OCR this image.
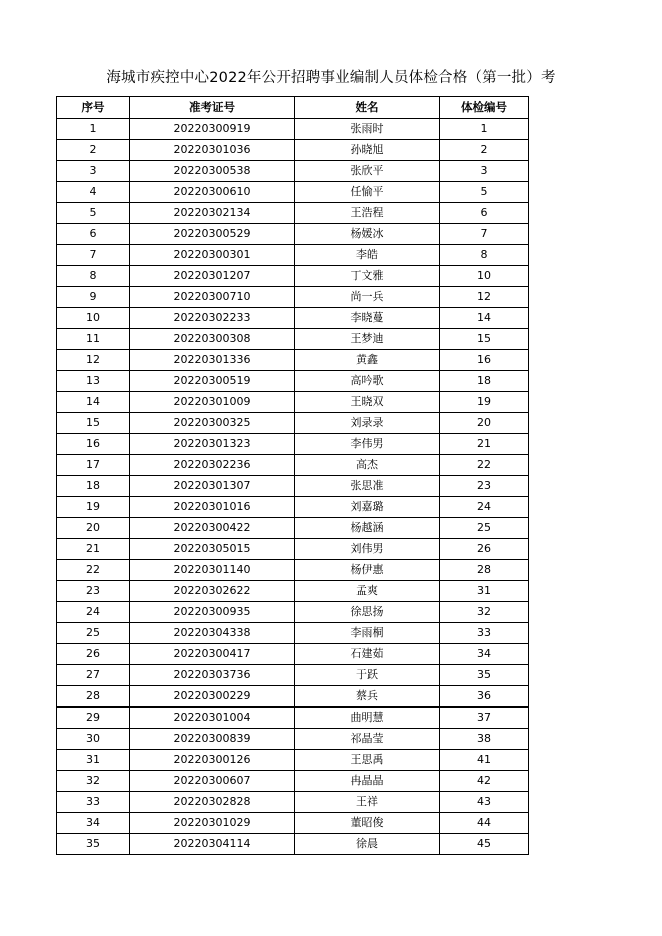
海城市疾控中心2022年公开招聘事业编制人员体检合格（第一批）考
序号	准考证号	姓名	体检编号
1	20220300919	张雨时	1
2	20220301036	孙晓旭	2
3	20220300538	张欣平	3
4	20220300610	任愉平	5
5	20220302134	王浩程	6
6	20220300529	杨媛冰	7
7	20220300301	李皓	8
8	20220301207	丁文雅	10
9	20220300710	尚一兵	12
10	20220302233	李晓蔓	14
11	20220300308	王梦迪	15
12	20220301336	黄鑫	16
13	20220300519	高吟歌	18
14	20220301009	王晓双	19
15	20220300325	刘录录	20
16	20220301323	李伟男	21
17	20220302236	高杰	22
18	20220301307	张思准	23
19	20220301016	刘嘉璐	24
20	20220300422	杨越涵	25
21	20220305015	刘伟男	26
22	20220301140	杨伊惠	28
23	20220302622	孟爽	31
24	20220300935	徐思扬	32
25	20220304338	李雨桐	33
26	20220300417	石建茹	34
27	20220303736	于跃	35
28	20220300229	蔡兵	36
29	20220301004	曲明慧	37
30	20220300839	祁晶莹	38
31	20220300126	王思禹	41
32	20220300607	冉晶晶	42
33	20220302828	王祥	43
34	20220301029	董昭俊	44
35	20220304114	徐晨	45
